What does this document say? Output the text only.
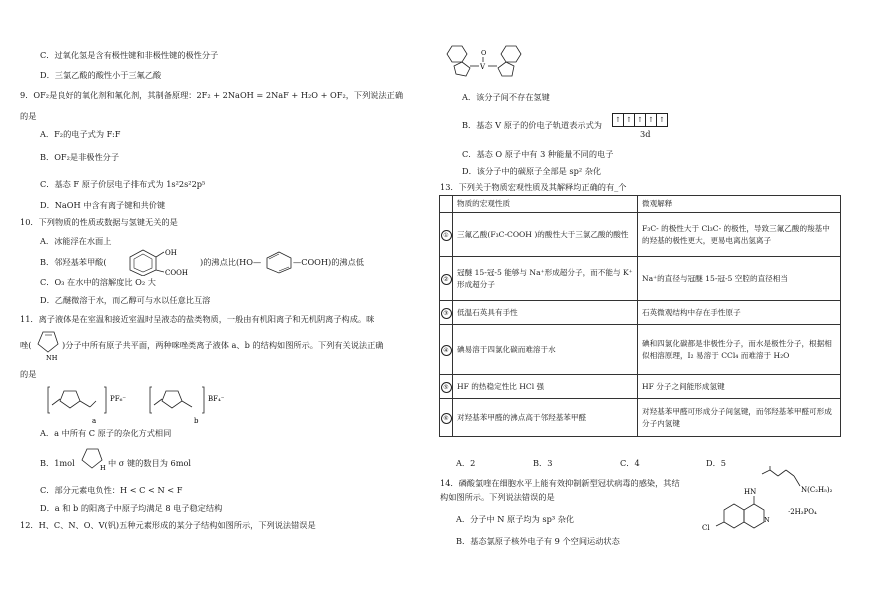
C．过氧化氢是含有极性键和非极性键的极性分子
D．三氯乙酸的酸性小于三氟乙酸
9．OF₂是良好的氧化剂和氟化剂，其制备原理：2F₂ + 2NaOH = 2NaF + H₂O + OF₂，下列说法正确
的是
A．F₂的电子式为 F:F
B．OF₂是非极性分子
C．基态 F 原子价层电子排布式为 1s²2s²2p⁵
D．NaOH 中含有离子键和共价键
10．下列物质的性质或数据与氢键无关的是
A．冰能浮在水面上
B．邻羟基苯甲酸(
OH
COOH
)的沸点比(HO—	—COOH)的沸点低
C．O₃ 在水中的溶解度比 O₂ 大
D．乙醚微溶于水，而乙醇可与水以任意比互溶
11．离子液体是在室温和接近室温时呈液态的盐类物质，一般由有机阳离子和无机阴离子构成。咪
唑(
NH
)分子中所有原子共平面，两种咪唑类离子液体 a、b 的结构如图所示。下列有关说法正确
的是
PF₆⁻
a
BF₄⁻
b
A．a 中所有 C 原子的杂化方式相同
B．1mol	H 中 σ 键的数目为 6mol
C．部分元素电负性：H < C < N < F
D．a 和 b 的阳离子中原子均满足 8 电子稳定结构
12．H、C、N、O、V(钒)五种元素形成的某分子结构如图所示，下列说法错误是
O
V
A．该分子间不存在氢键
B．基态 V 原子的价电子轨道表示式为 ↑ ↑ ↑ ↑ ↑
3d
C．基态 O 原子中有 3 种能量不同的电子
D．该分子中的碳原子全部是 sp² 杂化
13．下列关于物质宏观性质及其解释均正确的有_个
	物质的宏观性质	微观解释
①	三氟乙酸(F₃C-COOH )的酸性大于三氯乙酸的酸性	F₃C- 的极性大于 Cl₃C- 的极性，导致三氟乙酸的羧基中的羟基的极性更大，更易电离出氢离子
②	冠醚 15-冠-5 能够与 Na⁺形成超分子，而不能与 K⁺ 形成超分子	Na⁺的直径与冠醚 15-冠-5 空腔的直径相当
③	低温石英具有手性	石英微观结构中存在手性原子
④	碘易溶于四氯化碳而难溶于水	碘和四氯化碳都是非极性分子，而水是极性分子，根据相似相溶原理，I₂ 易溶于 CCl₄ 而难溶于 H₂O
⑤	HF 的热稳定性比 HCl 强	HF 分子之间能形成氢键
⑥	对羟基苯甲醛的沸点高于邻羟基苯甲醛	对羟基苯甲醛可形成分子间氢键，而邻羟基苯甲醛可形成分子内氢键
A．2	B．3	C．4	D．5
14．磷酸氯喹在细胞水平上能有效抑制新型冠状病毒的感染，其结
构如图所示。下列说法错误的是
A．分子中 N 原子均为 sp³ 杂化
B．基态氯原子核外电子有 9 个空间运动状态
N(C₂H₅)₂
HN
N
Cl
·2H₃PO₄
